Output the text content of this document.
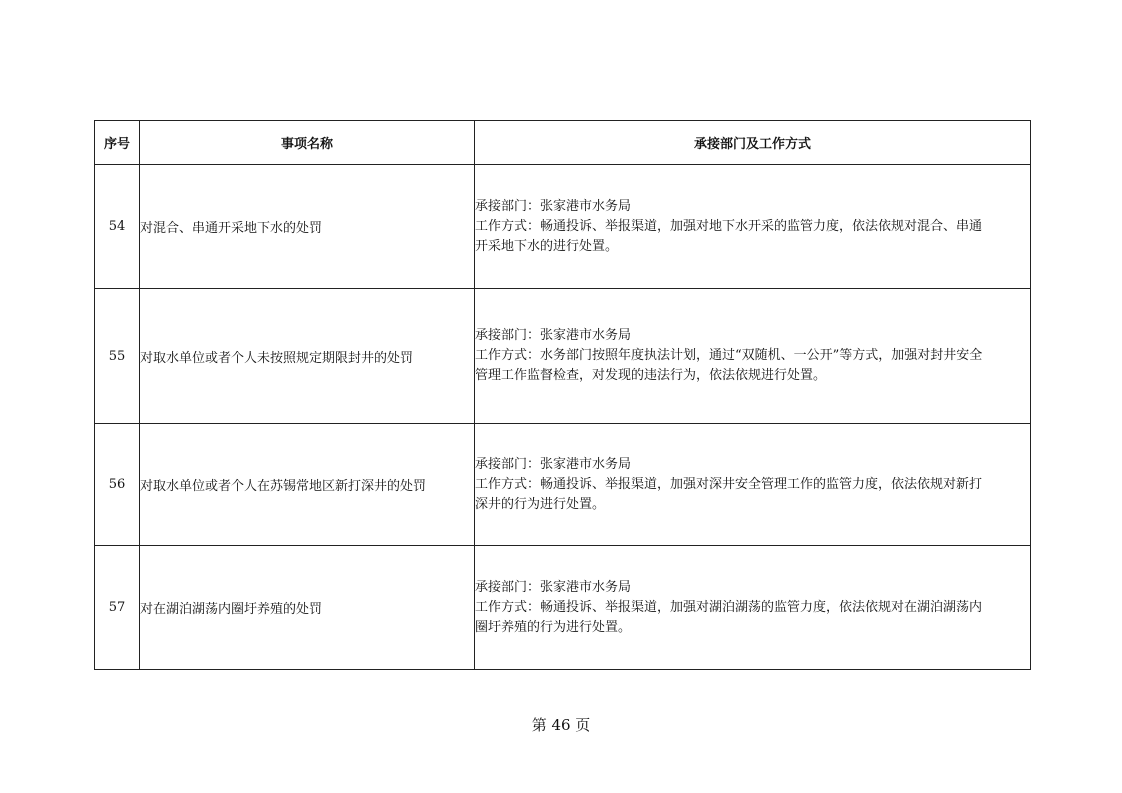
序号	事项名称	承接部门及工作方式
54	对混合、串通开采地下水的处罚	承接部门：张家港市水务局
工作方式：畅通投诉、举报渠道，加强对地下水开采的监管力度，依法依规对混合、串通
开采地下水的进行处置。

55	对取水单位或者个人未按照规定期限封井的处罚	承接部门：张家港市水务局
工作方式：水务部门按照年度执法计划，通过“双随机、一公开”等方式，加强对封井安全
管理工作监督检查，对发现的违法行为，依法依规进行处置。

56	对取水单位或者个人在苏锡常地区新打深井的处罚	承接部门：张家港市水务局
工作方式：畅通投诉、举报渠道，加强对深井安全管理工作的监管力度，依法依规对新打
深井的行为进行处置。

57	对在湖泊湖荡内圈圩养殖的处罚	承接部门：张家港市水务局
工作方式：畅通投诉、举报渠道，加强对湖泊湖荡的监管力度，依法依规对在湖泊湖荡内
圈圩养殖的行为进行处置。
第 46 页
